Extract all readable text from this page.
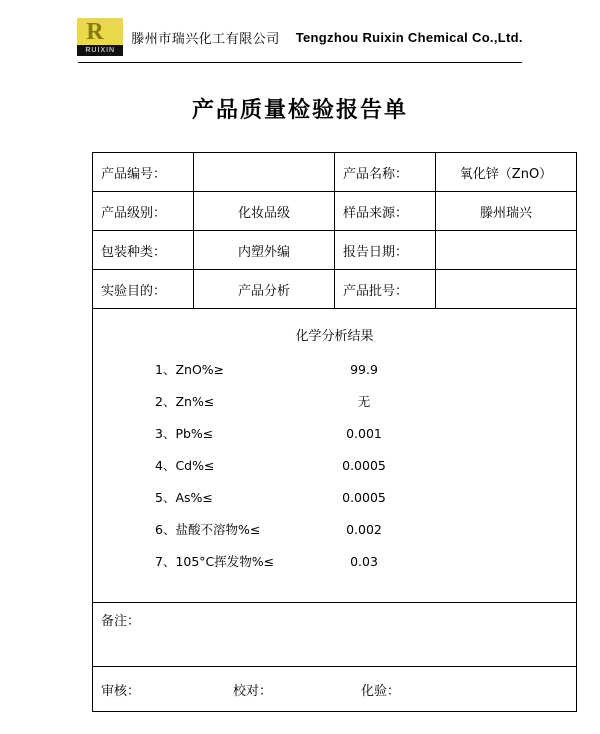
R
RUIXIN
滕州市瑞兴化工有限公司 Tengzhou Ruixin Chemical Co.,Ltd.
产品质量检验报告单
产品编号：		产品名称：	氧化锌（ZnO）
产品级别：	化妆品级	样品来源：	滕州瑞兴
包装种类：	内塑外编	报告日期：	
实验目的：	产品分析	产品批号：	

化学分析结果
1、ZnO%≥	99.9
2、Zn%≤	无
3、Pb%≤	0.001
4、Cd%≤	0.0005
5、As%≤	0.0005
6、盐酸不溶物%≤	0.002
7、105°C挥发物%≤	0.03

备注：			

审核： 校对： 化验：			
